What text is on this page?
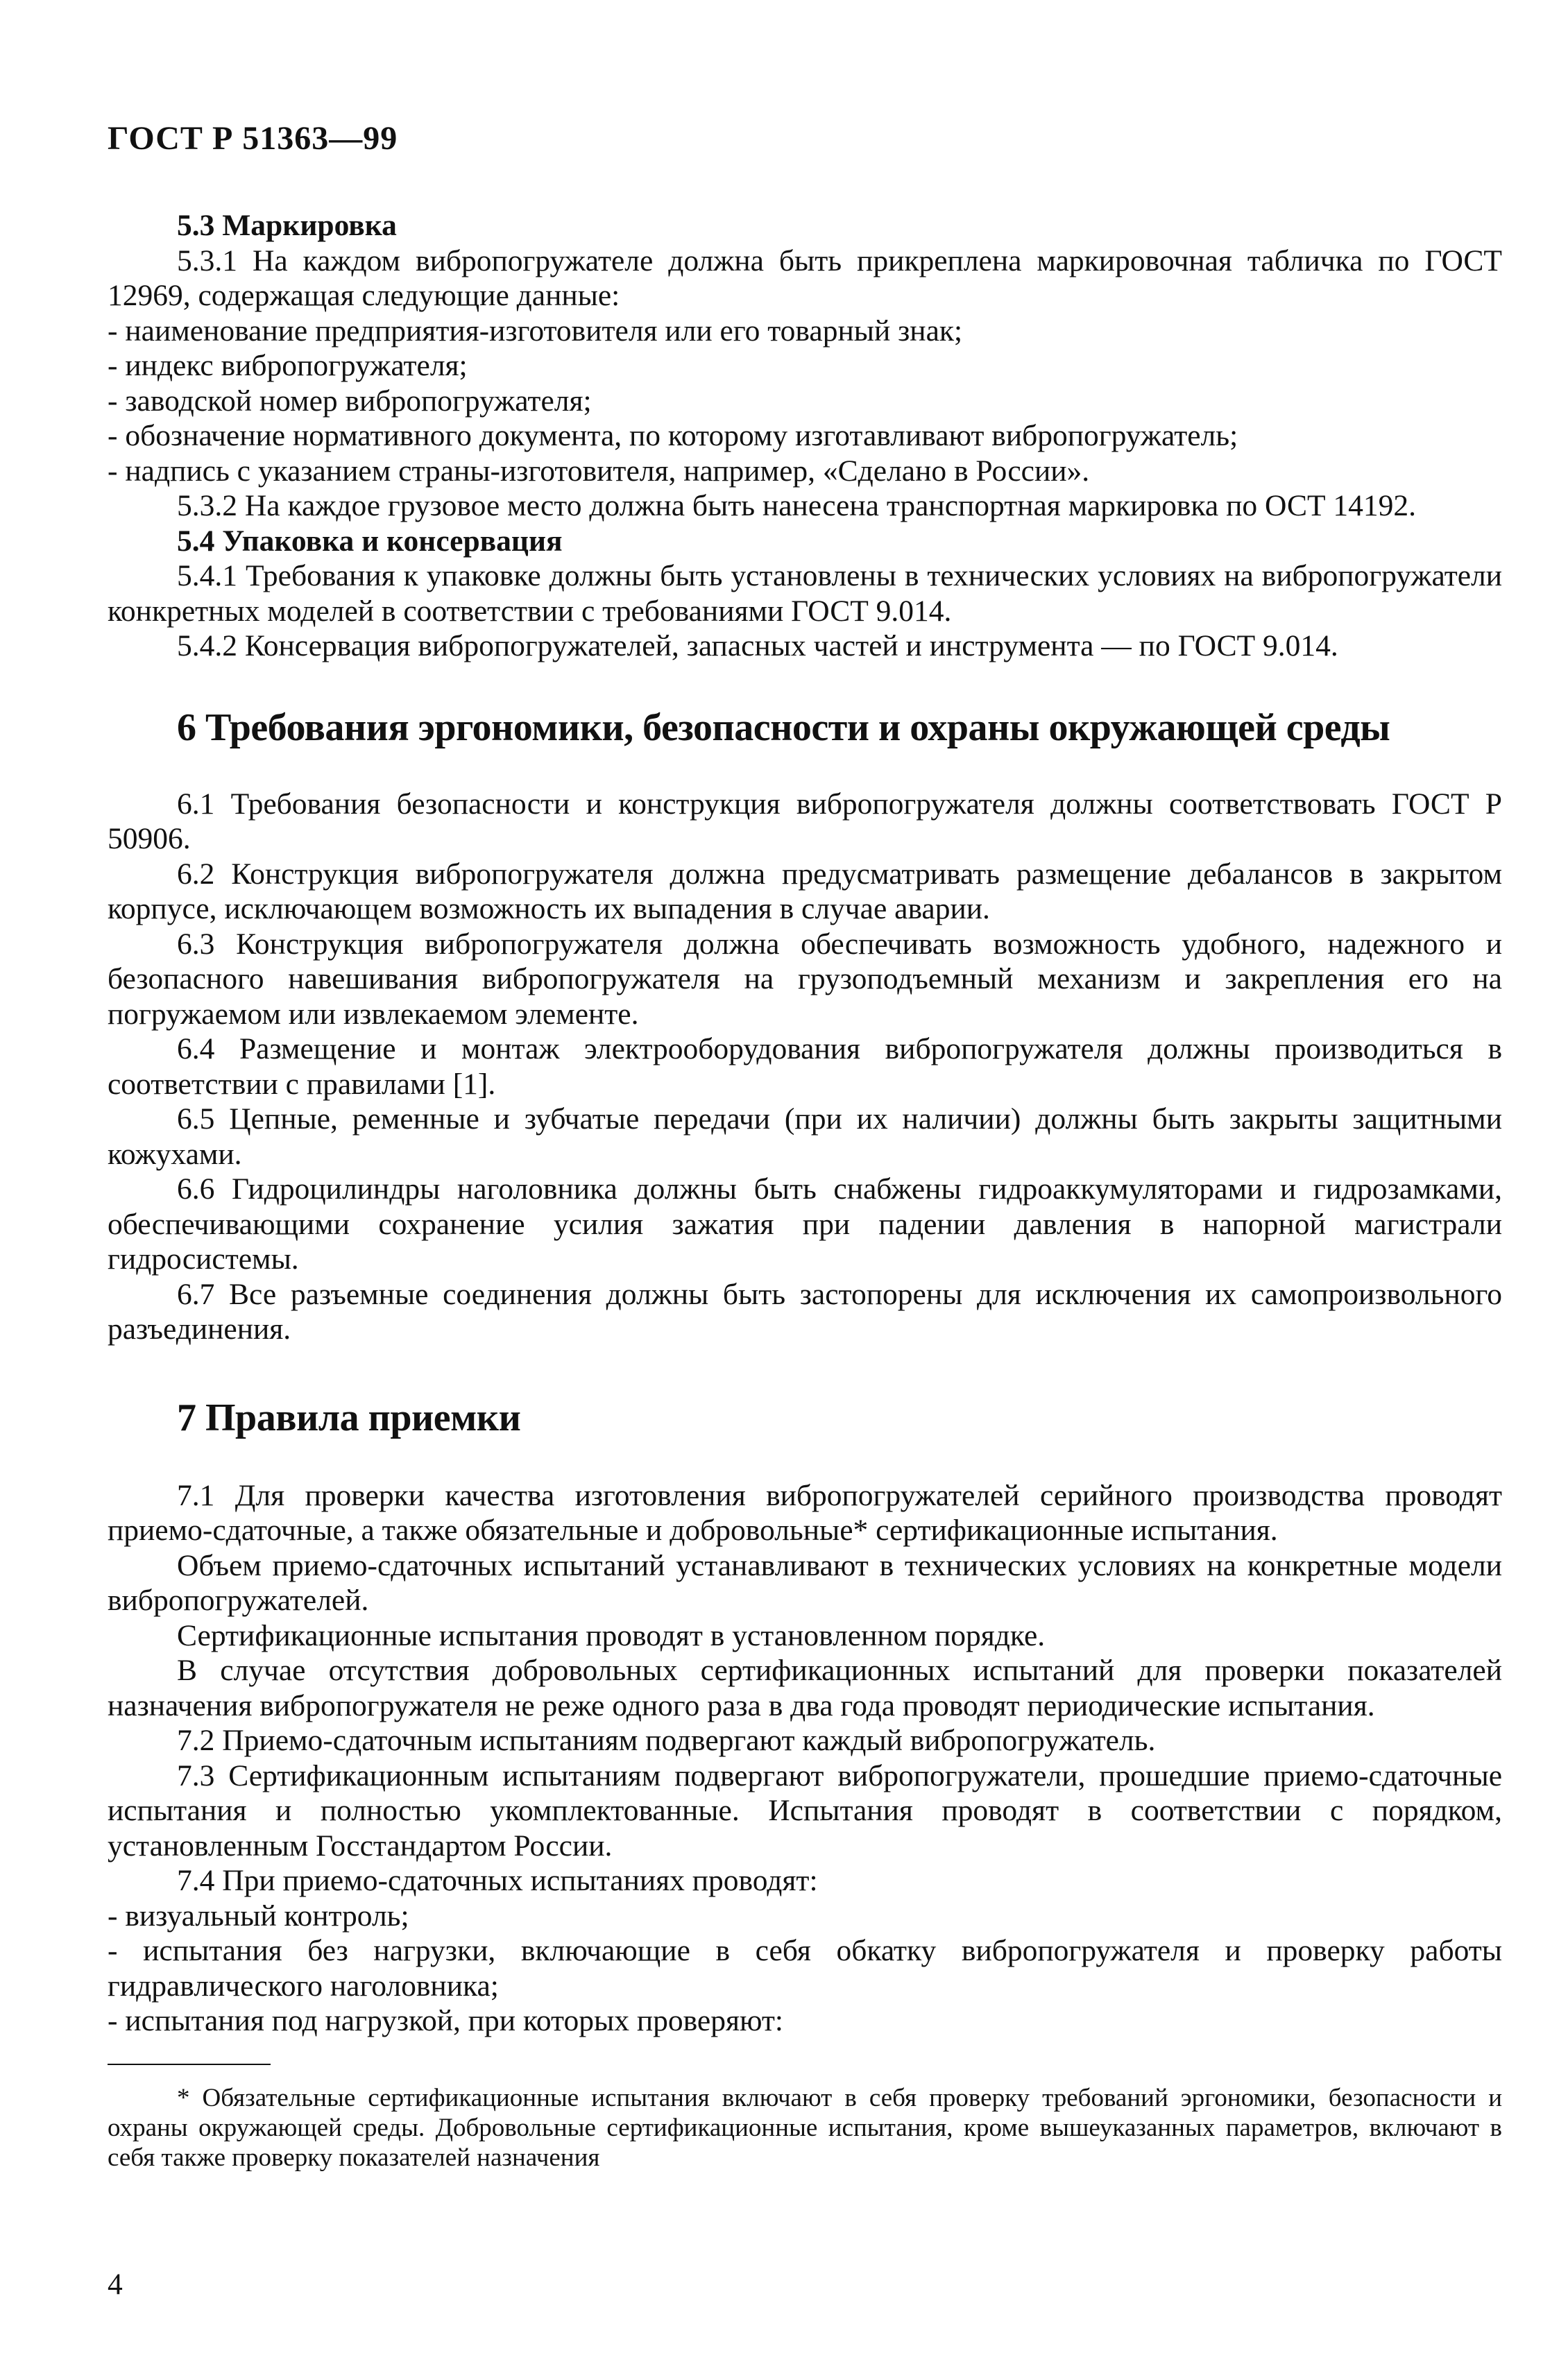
ГОСТ Р 51363—99
5.3 Маркировка

5.3.1 На каждом вибропогружателе должна быть прикреплена маркировочная табличка по ГОСТ 12969, содержащая следующие данные:

- наименование предприятия-изготовителя или его товарный знак;

- индекс вибропогружателя;

- заводской номер вибропогружателя;

- обозначение нормативного документа, по которому изготавливают вибропогружатель;

- надпись с указанием страны-изготовителя, например, «Сделано в России».

5.3.2 На каждое грузовое место должна быть нанесена транспортная маркировка по ОСТ 14192.

5.4 Упаковка и консервация

5.4.1 Требования к упаковке должны быть установлены в технических условиях на вибропогружатели конкретных моделей в соответствии с требованиями ГОСТ 9.014.

5.4.2 Консервация вибропогружателей, запасных частей и инструмента — по ГОСТ 9.014.

6 Требования эргономики, безопасности и охраны окружающей среды

6.1 Требования безопасности и конструкция вибропогружателя должны соответствовать ГОСТ Р 50906.

6.2 Конструкция вибропогружателя должна предусматривать размещение дебалансов в закрытом корпусе, исключающем возможность их выпадения в случае аварии.

6.3 Конструкция вибропогружателя должна обеспечивать возможность удобного, надежного и безопасного навешивания вибропогружателя на грузоподъемный механизм и закрепления его на погружаемом или извлекаемом элементе.

6.4 Размещение и монтаж электрооборудования вибропогружателя должны производиться в соответствии с правилами [1].

6.5 Цепные, ременные и зубчатые передачи (при их наличии) должны быть закрыты защитными кожухами.

6.6 Гидроцилиндры наголовника должны быть снабжены гидроаккумуляторами и гидрозамками, обеспечивающими сохранение усилия зажатия при падении давления в напорной магистрали гидросистемы.

6.7 Все разъемные соединения должны быть застопорены для исключения их самопроизвольного разъединения.

7 Правила приемки

7.1 Для проверки качества изготовления вибропогружателей серийного производства проводят приемо-сдаточные, а также обязательные и добровольные* сертификационные испытания.

Объем приемо-сдаточных испытаний устанавливают в технических условиях на конкретные модели вибропогружателей.

Сертификационные испытания проводят в установленном порядке.

В случае отсутствия добровольных сертификационных испытаний для проверки показателей назначения вибропогружателя не реже одного раза в два года проводят периодические испытания.

7.2 Приемо-сдаточным испытаниям подвергают каждый вибропогружатель.

7.3 Сертификационным испытаниям подвергают вибропогружатели, прошедшие приемо-сдаточные испытания и полностью укомплектованные. Испытания проводят в соответствии с порядком, установленным Госстандартом России.

7.4 При приемо-сдаточных испытаниях проводят:

- визуальный контроль;

- испытания без нагрузки, включающие в себя обкатку вибропогружателя и проверку работы гидравлического наголовника;

- испытания под нагрузкой, при которых проверяют:

* Обязательные сертификационные испытания включают в себя проверку требований эргономики, безопасности и охраны окружающей среды. Добровольные сертификационные испытания, кроме вышеуказанных параметров, включают в себя также проверку показателей назначения

4
